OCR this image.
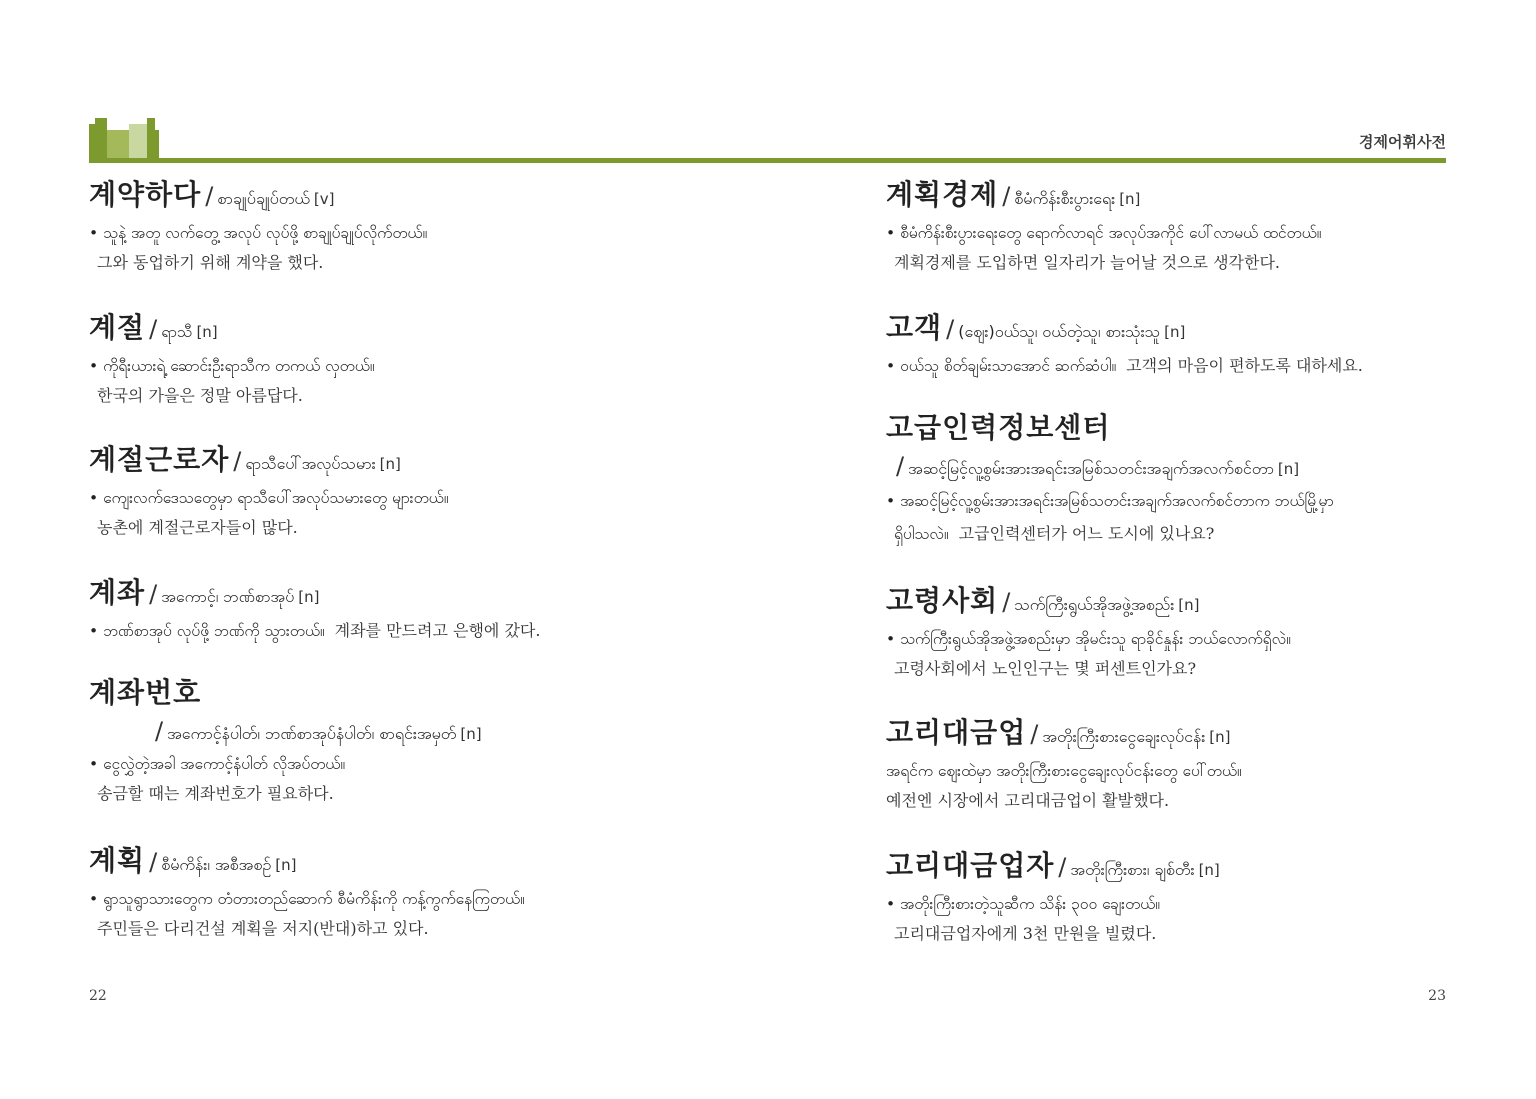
경제어휘사전
계약하다 / စာချုပ်ချုပ်တယ် [v]
• သူနဲ့ အတူ လက်တွေ့ အလုပ် လုပ်ဖို့ စာချုပ်ချုပ်လိုက်တယ်။
그와 동업하기 위해 계약을 했다.
계절 / ရာသီ [n]
• ကိုရီးယားရဲ့ ဆောင်းဦးရာသီက တကယ် လှတယ်။
한국의 가을은 정말 아름답다.
계절근로자 / ရာသီပေါ်အလုပ်သမား [n]
• ကျေးလက်ဒေသတွေမှာ ရာသီပေါ်အလုပ်သမားတွေ များတယ်။
농촌에 계절근로자들이 많다.
계좌 / အကောင့်၊ ဘဏ်စာအုပ် [n]
• ဘဏ်စာအုပ် လုပ်ဖို့ ဘဏ်ကို သွားတယ်။ 계좌를 만드려고 은행에 갔다.
계좌번호
/ အကောင့်နံပါတ်၊ ဘဏ်စာအုပ်နံပါတ်၊ စာရင်းအမှတ် [n]
• ငွေလွှဲတဲ့အခါ အကောင့်နံပါတ် လိုအပ်တယ်။
송금할 때는 계좌번호가 필요하다.
계획 / စီမံကိန်း၊ အစီအစဉ် [n]
• ရွာသူရွာသားတွေက တံတားတည်ဆောက် စီမံကိန်းကို ကန့်ကွက်နေကြတယ်။
주민들은 다리건설 계획을 저지(반대)하고 있다.
계획경제 / စီမံကိန်းစီးပွားရေး [n]
• စီမံကိန်းစီးပွားရေးတွေ ရောက်လာရင် အလုပ်အကိုင် ပေါ်လာမယ် ထင်တယ်။
계획경제를 도입하면 일자리가 늘어날 것으로 생각한다.
고객 / (ဈေး)ဝယ်သူ၊ ဝယ်တဲ့သူ၊ စားသုံးသူ [n]
• ဝယ်သူ စိတ်ချမ်းသာအောင် ဆက်ဆံပါ။ 고객의 마음이 편하도록 대하세요.
고급인력정보센터
/ အဆင့်မြင့်လူ့စွမ်းအားအရင်းအမြစ်သတင်းအချက်အလက်စင်တာ [n]
• အဆင့်မြင့်လူ့စွမ်းအားအရင်းအမြစ်သတင်းအချက်အလက်စင်တာက ဘယ်မြို့မှာ
ရှိပါသလဲ။ 고급인력센터가 어느 도시에 있나요?
고령사회 / သက်ကြီးရွယ်အိုအဖွဲ့အစည်း [n]
• သက်ကြီးရွယ်အိုအဖွဲ့အစည်းမှာ အိုမင်းသူ ရာခိုင်နှုန်း ဘယ်လောက်ရှိလဲ။
고령사회에서 노인인구는 몇 퍼센트인가요?
고리대금업 / အတိုးကြီးစားငွေချေးလုပ်ငန်း [n]
အရင်က ဈေးထဲမှာ အတိုးကြီးစားငွေချေးလုပ်ငန်းတွေ ပေါ်တယ်။
예전엔 시장에서 고리대금업이 활발했다.
고리대금업자 / အတိုးကြီးစား၊ ချစ်တီး [n]
• အတိုးကြီးစားတဲ့သူဆီက သိန်း ၃၀၀ ချေးတယ်။
고리대금업자에게 3천 만원을 빌렸다.
22	23
